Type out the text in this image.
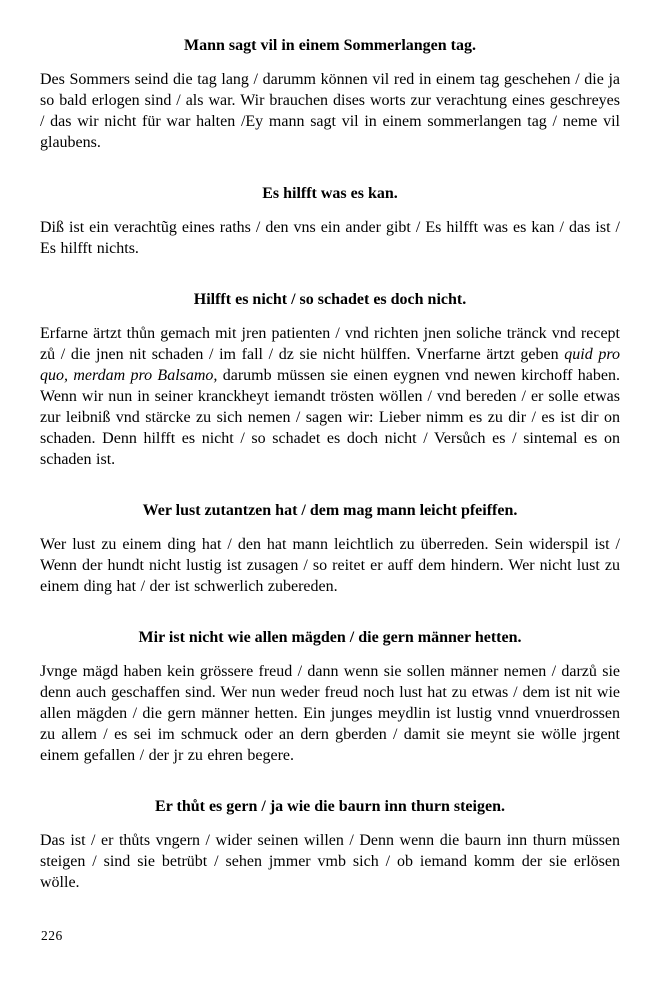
Mann sagt vil in einem Sommerlangen tag.

Des Sommers seind die tag lang / darumm können vil red in einem tag geschehen / die ja so bald erlogen sind / als war. Wir brauchen dises worts zur verachtung eines geschreyes / das wir nicht für war halten /Ey mann sagt vil in einem sommerlangen tag / neme vil glaubens.

Es hilfft was es kan.

Diß ist ein verachtũg eines raths / den vns ein ander gibt / Es hilfft was es kan / das ist / Es hilfft nichts.

Hilfft es nicht / so schadet es doch nicht.

Erfarne ärtzt thůn gemach mit jren patienten / vnd richten jnen soliche tränck vnd recept zů / die jnen nit schaden / im fall / dz sie nicht hülffen. Vnerfarne ärtzt geben quid pro quo, merdam pro Balsamo, darumb müssen sie einen eygnen vnd newen kirchoff haben. Wenn wir nun in seiner kranckheyt iemandt trösten wöllen / vnd bereden / er solle etwas zur leibniß vnd stärcke zu sich nemen / sagen wir: Lieber nimm es zu dir / es ist dir on schaden. Denn hilfft es nicht / so schadet es doch nicht / Versůch es / sintemal es on schaden ist.

Wer lust zutantzen hat / dem mag mann leicht pfeiffen.

Wer lust zu einem ding hat / den hat mann leichtlich zu überreden. Sein widerspil ist / Wenn der hundt nicht lustig ist zusagen / so reitet er auff dem hindern. Wer nicht lust zu einem ding hat / der ist schwerlich zubereden.

Mir ist nicht wie allen mägden / die gern männer hetten.

Jvnge mägd haben kein grössere freud / dann wenn sie sollen männer nemen / darzů sie denn auch geschaffen sind. Wer nun weder freud noch lust hat zu etwas / dem ist nit wie allen mägden / die gern männer hetten. Ein junges meydlin ist lustig vnnd vnuerdrossen zu allem / es sei im schmuck oder an dern gberden / damit sie meynt sie wölle jrgent einem gefallen / der jr zu ehren begere.

Er thůt es gern / ja wie die baurn inn thurn steigen.

Das ist / er thůts vngern / wider seinen willen / Denn wenn die baurn inn thurn müssen steigen / sind sie betrübt / sehen jmmer vmb sich / ob iemand komm der sie erlösen wölle.

226
